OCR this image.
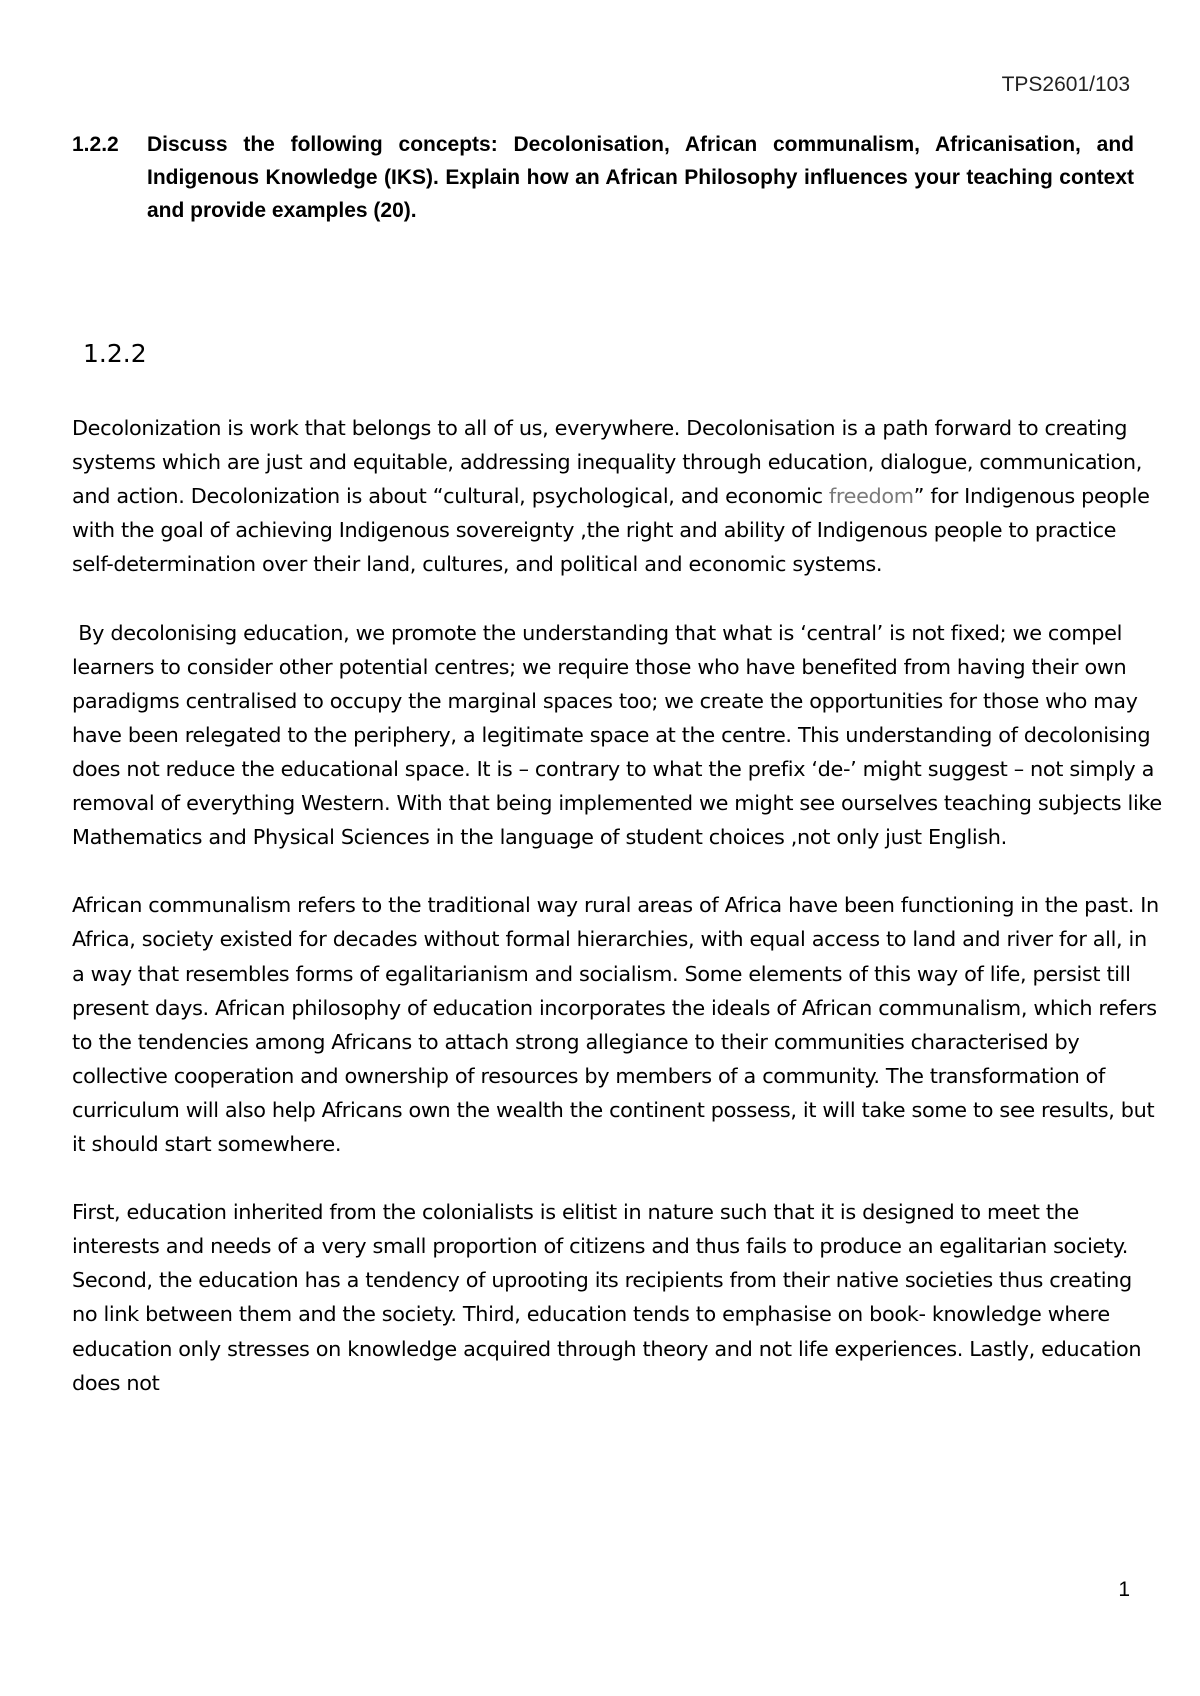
TPS2601/103

1.2.2 Discuss the following concepts: Decolonisation, African communalism, Africanisation, and Indigenous Knowledge (IKS). Explain how an African Philosophy influences your teaching context and provide examples (20).

1.2.2

Decolonization is work that belongs to all of us, everywhere. Decolonisation is a path forward to creating systems which are just and equitable, addressing inequality through education, dialogue, communication, and action. Decolonization is about “cultural, psychological, and economic freedom” for Indigenous people with the goal of achieving Indigenous sovereignty ,the right and ability of Indigenous people to practice self-determination over their land, cultures, and political and economic systems.

By decolonising education, we promote the understanding that what is ‘central’ is not fixed; we compel learners to consider other potential centres; we require those who have benefited from having their own paradigms centralised to occupy the marginal spaces too; we create the opportunities for those who may have been relegated to the periphery, a legitimate space at the centre. This understanding of decolonising does not reduce the educational space. It is – contrary to what the prefix ‘de-’ might suggest – not simply a removal of everything Western. With that being implemented we might see ourselves teaching subjects like Mathematics and Physical Sciences in the language of student choices ,not only just English.

African communalism refers to the traditional way rural areas of Africa have been functioning in the past. In Africa, society existed for decades without formal hierarchies, with equal access to land and river for all, in a way that resembles forms of egalitarianism and socialism. Some elements of this way of life, persist till present days. African philosophy of education incorporates the ideals of African communalism, which refers to the tendencies among Africans to attach strong allegiance to their communities characterised by collective cooperation and ownership of resources by members of a community. The transformation of curriculum will also help Africans own the wealth the continent possess, it will take some to see results, but it should start somewhere.

First, education inherited from the colonialists is elitist in nature such that it is designed to meet the interests and needs of a very small proportion of citizens and thus fails to produce an egalitarian society. Second, the education has a tendency of uprooting its recipients from their native societies thus creating no link between them and the society. Third, education tends to emphasise on book- knowledge where education only stresses on knowledge acquired through theory and not life experiences. Lastly, education does not

1
